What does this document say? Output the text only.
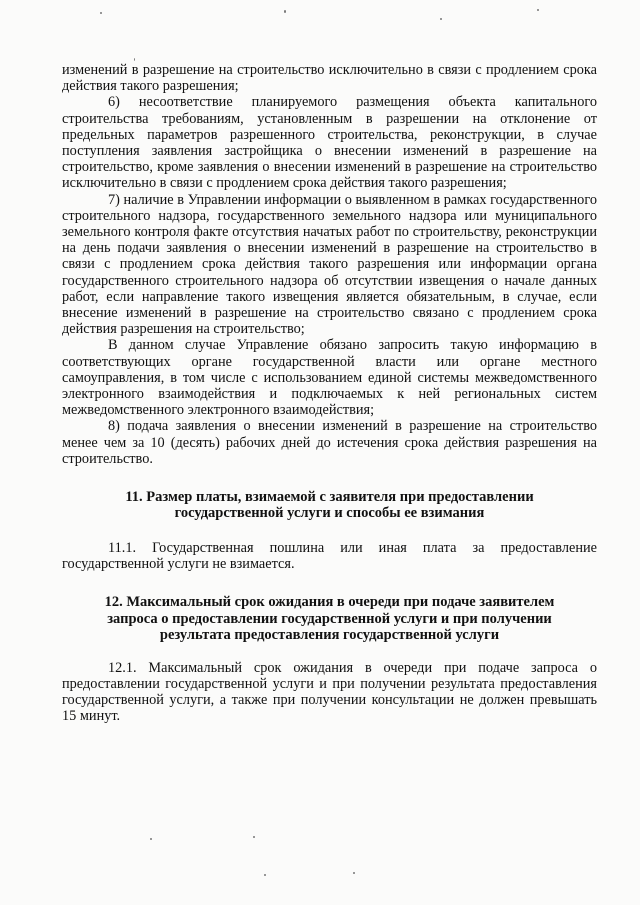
изменений в разрешение на строительство исключительно в связи с продлением срока действия такого разрешения;

6) несоответствие планируемого размещения объекта капитального строительства требованиям, установленным в разрешении на отклонение от предельных параметров разрешенного строительства, реконструкции, в случае поступления заявления застройщика о внесении изменений в разрешение на строительство, кроме заявления о внесении изменений в разрешение на строительство исключительно в связи с продлением срока действия такого разрешения;

7) наличие в Управлении информации о выявленном в рамках государственного строительного надзора, государственного земельного надзора или муниципального земельного контроля факте отсутствия начатых работ по строительству, реконструкции на день подачи заявления о внесении изменений в разрешение на строительство в связи с продлением срока действия такого разрешения или информации органа государственного строительного надзора об отсутствии извещения о начале данных работ, если направление такого извещения является обязательным, в случае, если внесение изменений в разрешение на строительство связано с продлением срока действия разрешения на строительство;

В данном случае Управление обязано запросить такую информацию в соответствующих органе государственной власти или органе местного самоуправления, в том числе с использованием единой системы межведомственного электронного взаимодействия и подключаемых к ней региональных систем межведомственного электронного взаимодействия;

8) подача заявления о внесении изменений в разрешение на строительство менее чем за 10 (десять) рабочих дней до истечения срока действия разрешения на строительство.

11. Размер платы, взимаемой с заявителя при предоставлении
государственной услуги и способы ее взимания

11.1. Государственная пошлина или иная плата за предоставление государственной услуги не взимается.

12. Максимальный срок ожидания в очереди при подаче заявителем
запроса о предоставлении государственной услуги и при получении
результата предоставления государственной услуги

12.1. Максимальный срок ожидания в очереди при подаче запроса о предоставлении государственной услуги и при получении результата предоставления государственной услуги, а также при получении консультации не должен превышать 15 минут.
